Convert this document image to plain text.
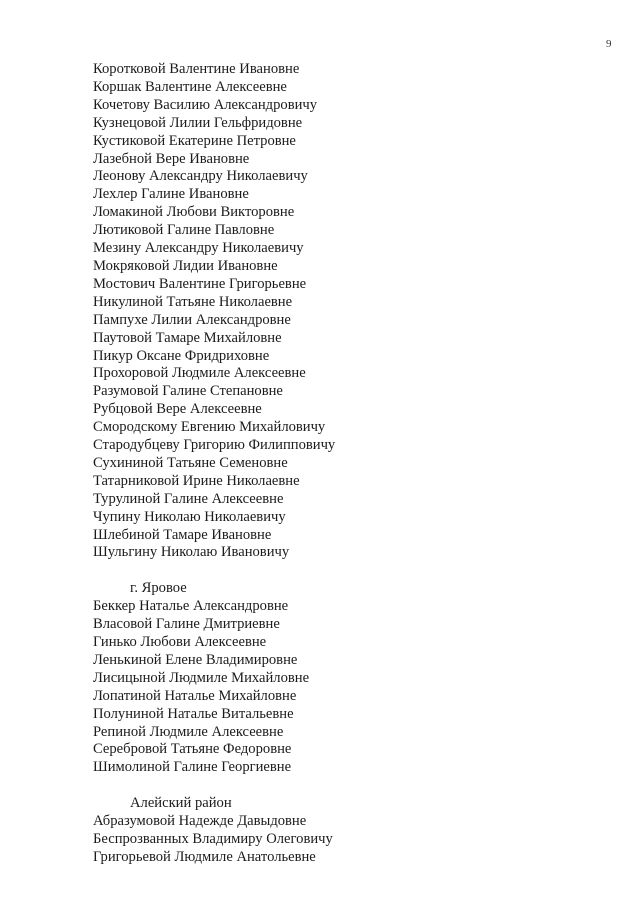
9
Коротковой Валентине Ивановне
Коршак Валентине Алексеевне
Кочетову Василию Александровичу
Кузнецовой Лилии Гельфридовне
Кустиковой Екатерине Петровне
Лазебной Вере Ивановне
Леонову Александру Николаевичу
Лехлер Галине Ивановне
Ломакиной Любови Викторовне
Лютиковой Галине Павловне
Мезину Александру Николаевичу
Мокряковой Лидии Ивановне
Мостович Валентине Григорьевне
Никулиной Татьяне Николаевне
Пампухе Лилии Александровне
Паутовой Тамаре Михайловне
Пикур Оксане Фридриховне
Прохоровой Людмиле Алексеевне
Разумовой Галине Степановне
Рубцовой Вере Алексеевне
Смородскому Евгению Михайловичу
Стародубцеву Григорию Филипповичу
Сухининой Татьяне Семеновне
Татарниковой Ирине Николаевне
Турулиной Галине Алексеевне
Чупину Николаю Николаевичу
Шлебиной Тамаре Ивановне
Шульгину Николаю Ивановичу
г. Яровое
Беккер Наталье Александровне
Власовой Галине Дмитриевне
Гинько Любови Алексеевне
Ленькиной Елене Владимировне
Лисицыной Людмиле Михайловне
Лопатиной Наталье Михайловне
Полуниной Наталье Витальевне
Репиной Людмиле Алексеевне
Серебровой Татьяне Федоровне
Шимолиной Галине Георгиевне
Алейский район
Абразумовой Надежде Давыдовне
Беспрозванных Владимиру Олеговичу
Григорьевой Людмиле Анатольевне
